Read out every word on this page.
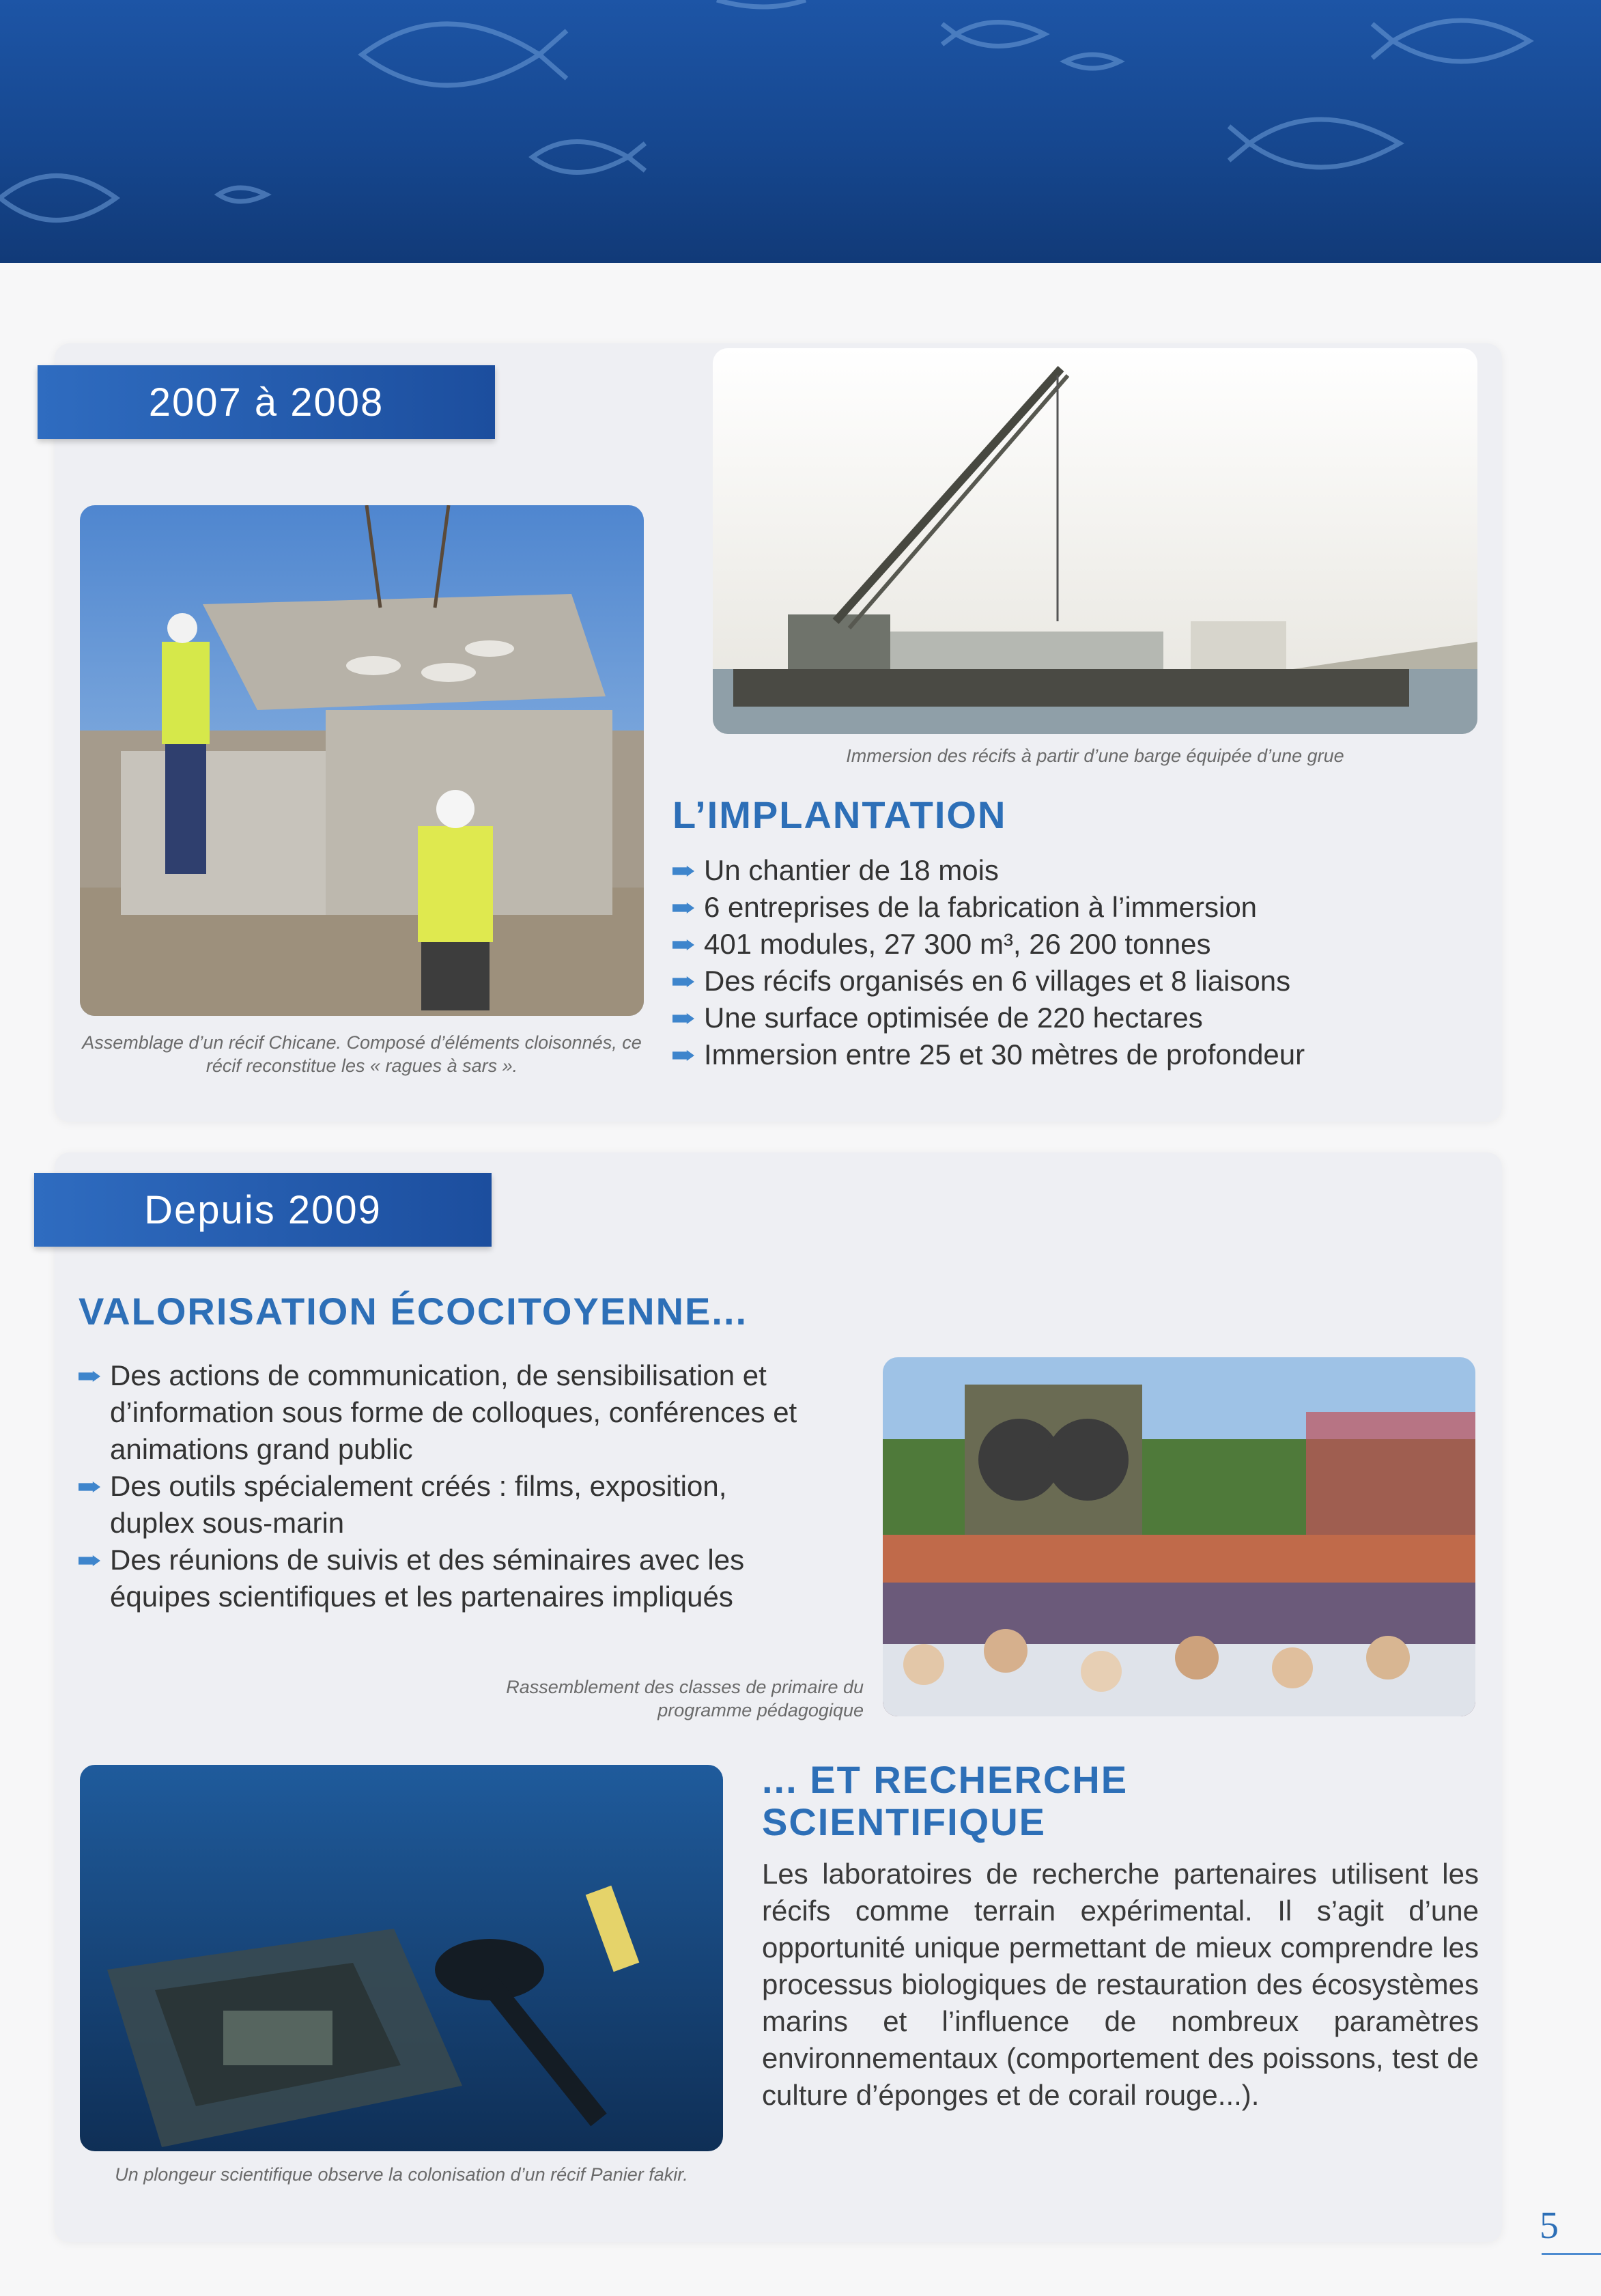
2007 à 2008
Assemblage d’un récif Chicane. Composé d’éléments cloisonnés, ce récif reconstitue les « ragues à sars ».
Immersion des récifs à partir d’une barge équipée d’une grue
L’IMPLANTATION
Un chantier de 18 mois
6 entreprises de la fabrication à l’immersion
401 modules, 27 300 m³, 26 200 tonnes
Des récifs organisés en 6 villages et 8 liaisons
Une surface optimisée de 220 hectares
Immersion entre 25 et 30 mètres de profondeur
Depuis 2009
VALORISATION ÉCOCITOYENNE...
Des actions de communication, de sensibilisation et d’information sous forme de colloques, conférences et animations grand public
Des outils spécialement créés : films, exposition, duplex sous-marin
Des réunions de suivis et des séminaires avec les équipes scientifiques et les partenaires impliqués
Rassemblement des classes de primaire du programme pédagogique
Un plongeur scientifique observe la colonisation d’un récif Panier fakir.
... ET RECHERCHE SCIENTIFIQUE
Les laboratoires de recherche partenaires utilisent les récifs comme terrain expérimental. Il s’agit d’une opportunité unique permettant de mieux comprendre les processus biologiques de restauration des écosystèmes marins et l’influence de nombreux paramètres environnementaux (comportement des poissons, test de culture d’éponges et de corail rouge...).
5
